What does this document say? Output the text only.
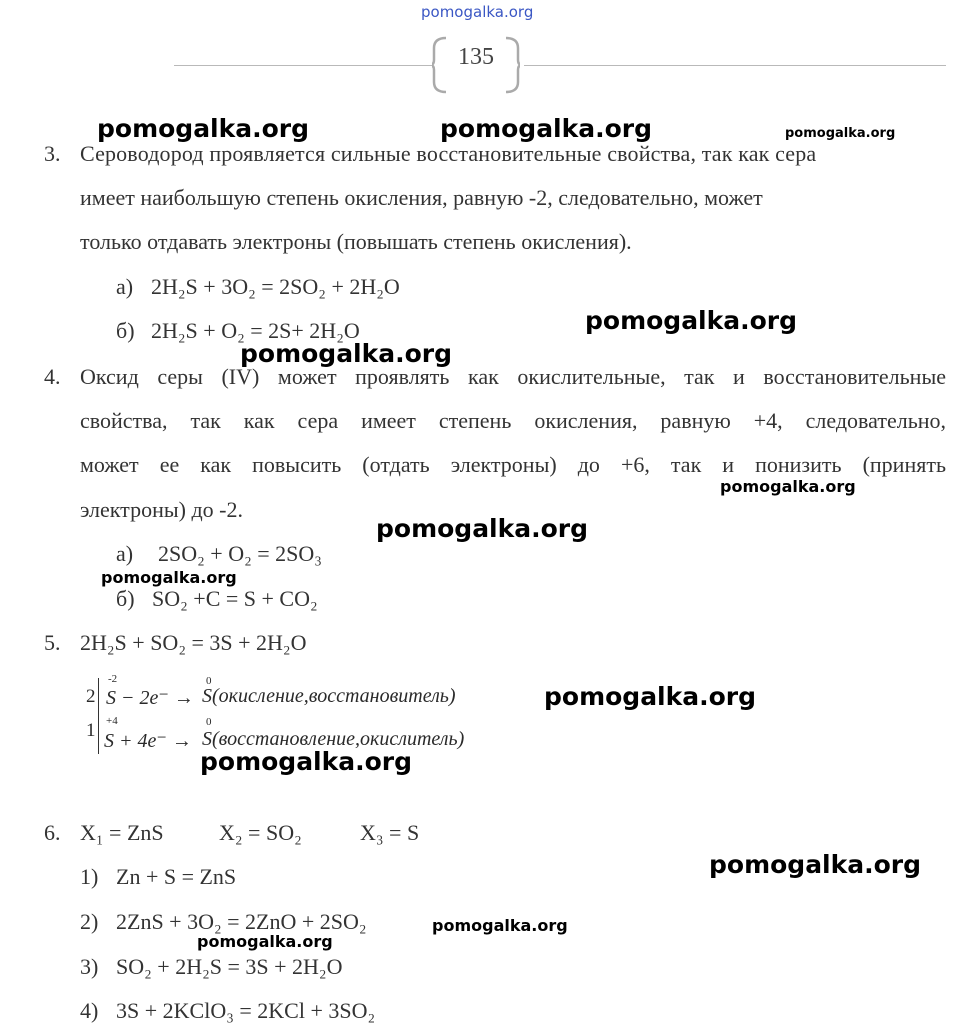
pomogalka.org
135
3. Сероводород проявляется сильные восстановительные свойства, так как сера
имеет наибольшую степень окисления, равную -2, следовательно, может
только отдавать электроны (повышать степень окисления).
а) 2H₂S + 3O₂ = 2SO₂ + 2H₂O
б) 2H₂S + O₂ = 2S+ 2H₂O
4. Оксид серы (IV) может проявлять как окислительные, так и восстановительные
свойства, так как сера имеет степень окисления, равную +4, следовательно,
может ее как повысить (отдать электроны) до +6, так и понизить (принять
электроны) до -2.
а) 2SO₂ + O₂ = 2SO₃
б) SO₂ +C = S + CO₂
5. 2H₂S + SO₂ = 3S + 2H₂O
2
-2
S − 2e⁻ →
0
S(окисление,восстановитель)
1 +4
S + 4e⁻ →
0
S(восстановление,окислитель)
6. X₁ = ZnS	X₂ = SO₂	X₃ = S
1) Zn + S = ZnS
2) 2ZnS + 3O₂ = 2ZnO + 2SO₂
3) SO₂ + 2H₂S = 3S + 2H₂O
4) 3S + 2KClO₃ = 2KCl + 3SO₂
pomogalka.org	pomogalka.org	pomogalka.org
pomogalka.org
pomogalka.org
pomogalka.org
pomogalka.org
pomogalka.org
pomogalka.org
pomogalka.org
pomogalka.org
pomogalka.org
pomogalka.org
